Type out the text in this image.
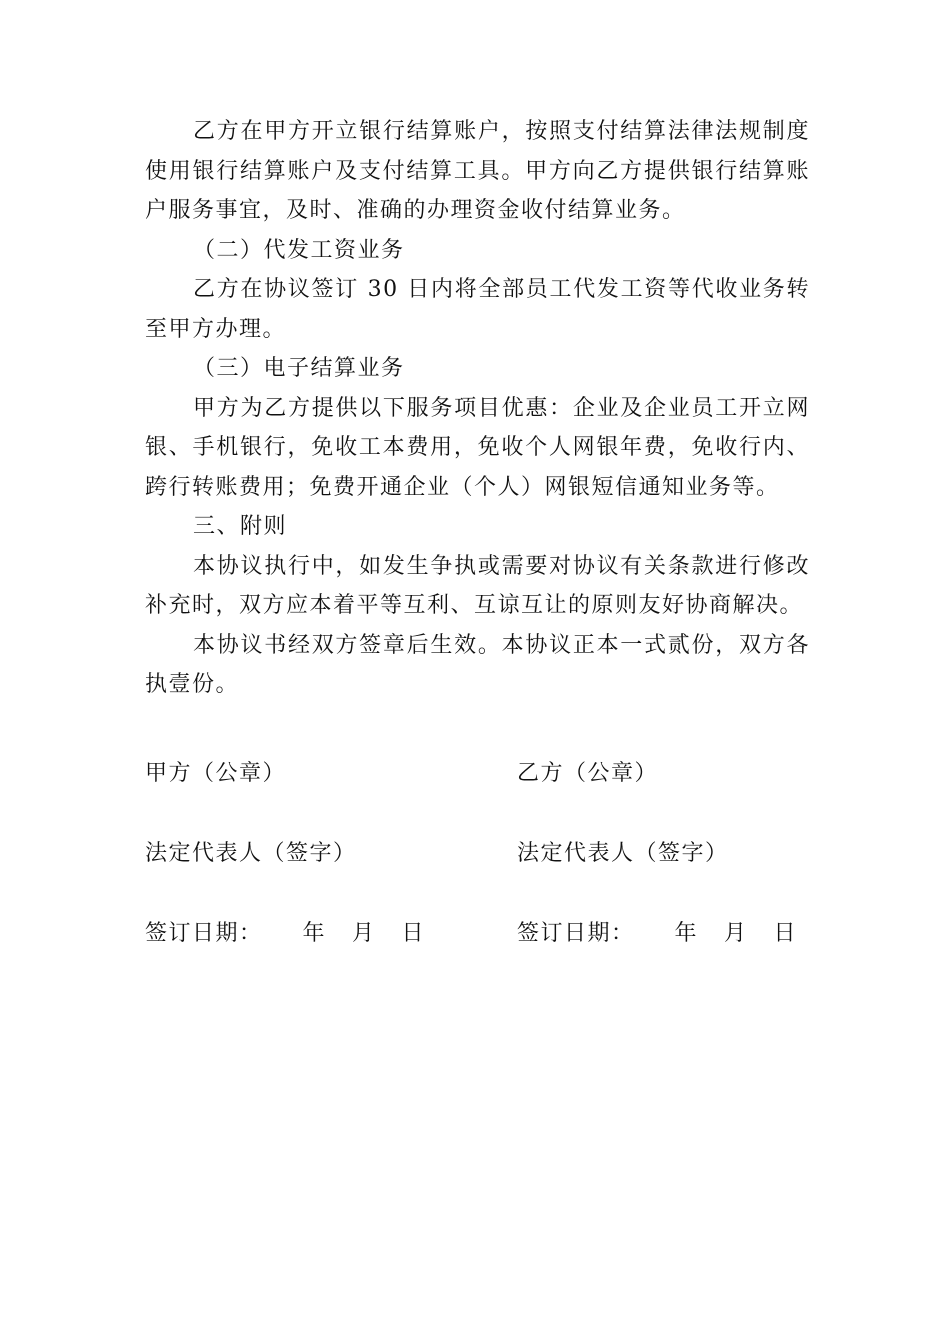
乙方在甲方开立银行结算账户，按照支付结算法律法规制度使用银行结算账户及支付结算工具。甲方向乙方提供银行结算账户服务事宜，及时、准确的办理资金收付结算业务。

（二）代发工资业务

乙方在协议签订 30 日内将全部员工代发工资等代收业务转至甲方办理。

（三）电子结算业务

甲方为乙方提供以下服务项目优惠：企业及企业员工开立网银、手机银行，免收工本费用，免收个人网银年费，免收行内、跨行转账费用；免费开通企业（个人）网银短信通知业务等。

三、附则

本协议执行中，如发生争执或需要对协议有关条款进行修改补充时，双方应本着平等互利、互谅互让的原则友好协商解决。

本协议书经双方签章后生效。本协议正本一式贰份，双方各执壹份。

甲方（公章）	乙方（公章）
法定代表人（签字）	法定代表人（签字）
签订日期： 年 月 日	签订日期： 年 月 日
